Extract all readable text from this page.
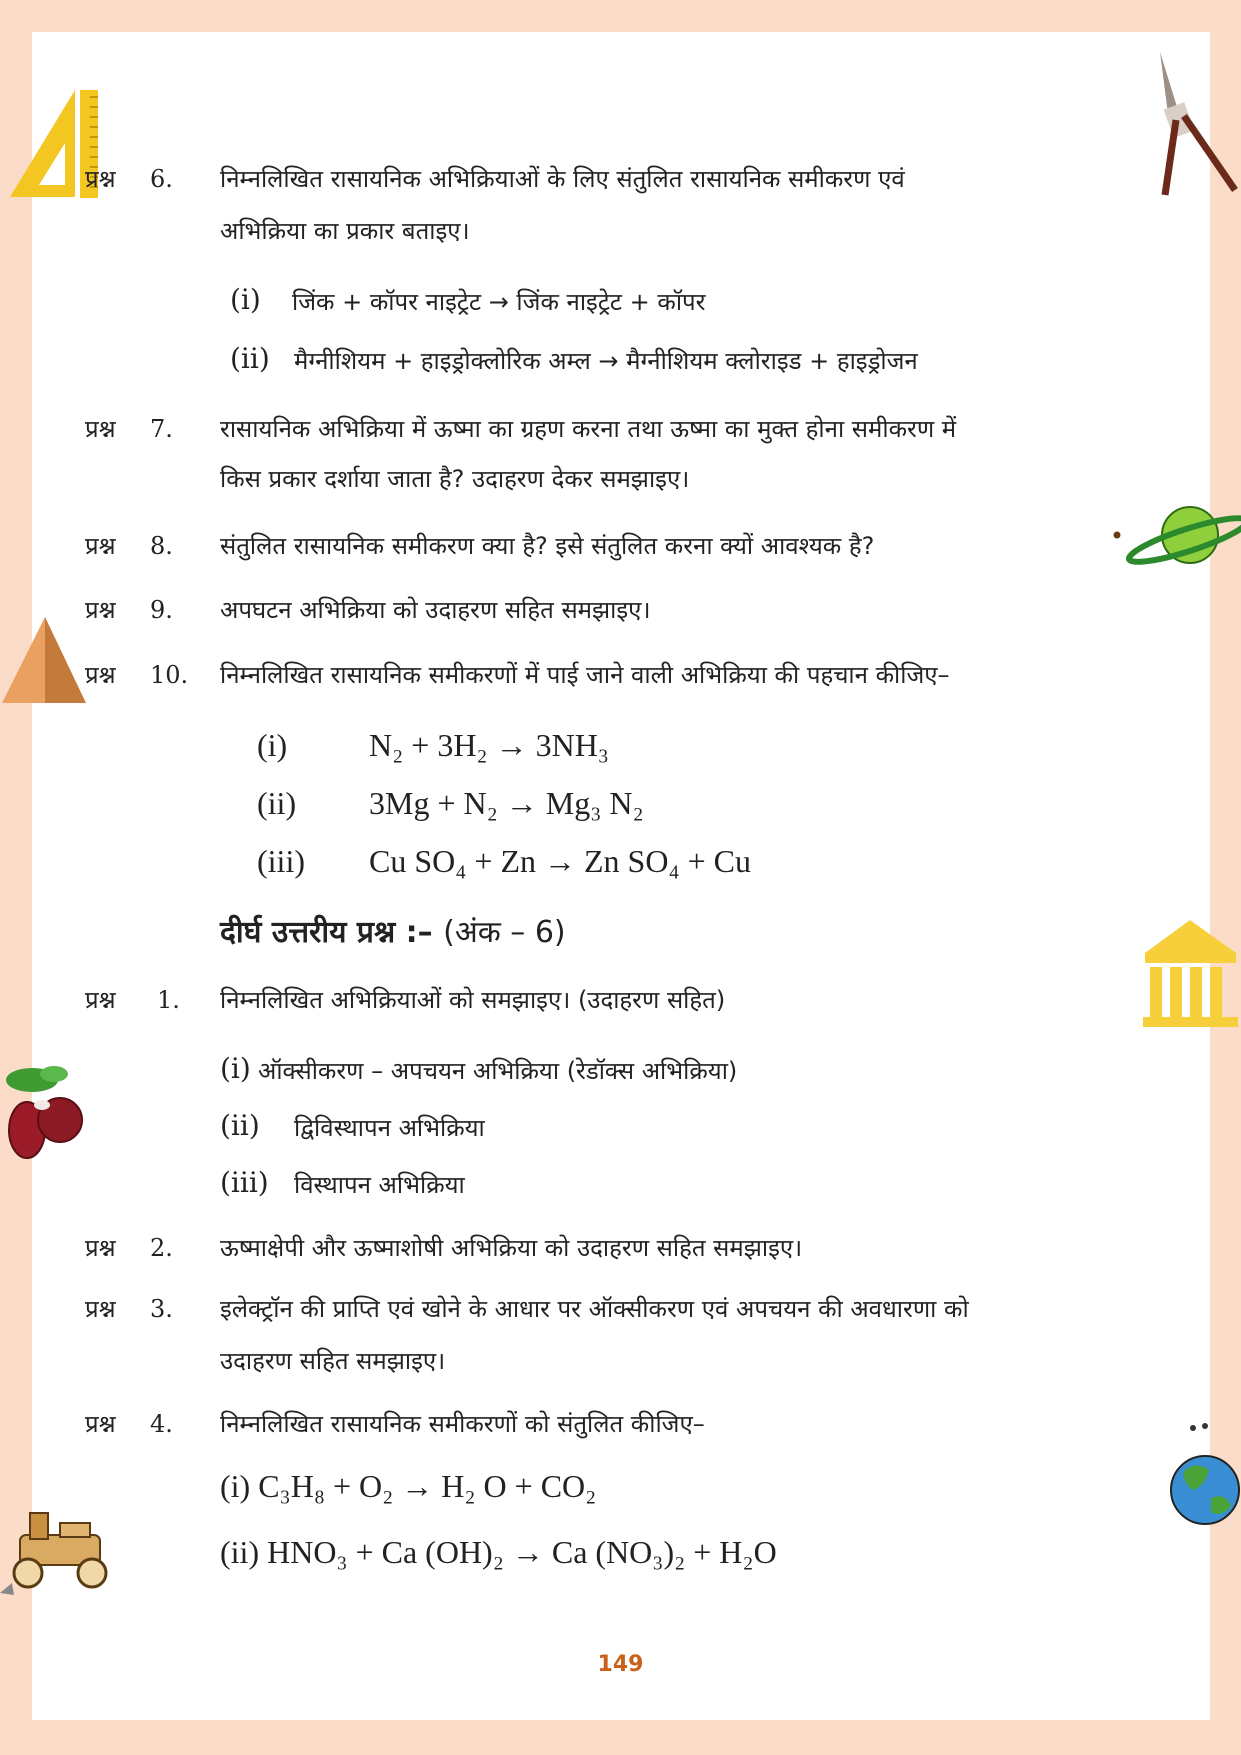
प्रश्न 6. निम्नलिखित रासायनिक अभिक्रियाओं के लिए संतुलित रासायनिक समीकरण एवं
अभिक्रिया का प्रकार बताइए।
(i) जिंक + कॉपर नाइट्रेट → जिंक नाइट्रेट + कॉपर
(ii) मैग्नीशियम + हाइड्रोक्लोरिक अम्ल → मैग्नीशियम क्लोराइड + हाइड्रोजन
प्रश्न 7. रासायनिक अभिक्रिया में ऊष्मा का ग्रहण करना तथा ऊष्मा का मुक्त होना समीकरण में
किस प्रकार दर्शाया जाता है? उदाहरण देकर समझाइए।
प्रश्न 8. संतुलित रासायनिक समीकरण क्या है? इसे संतुलित करना क्यों आवश्यक है?
प्रश्न 9. अपघटन अभिक्रिया को उदाहरण सहित समझाइए।
प्रश्न 10. निम्नलिखित रासायनिक समीकरणों में पाई जाने वाली अभिक्रिया की पहचान कीजिए–
(i)	N₂ + 3H₂ → 3NH₃
(ii) 3Mg + N₂ → Mg₃ N₂
(iii) Cu SO₄ + Zn → Zn SO₄ + Cu
दीर्घ उत्तरीय प्रश्न :– (अंक – 6)
प्रश्न 1. निम्नलिखित अभिक्रियाओं को समझाइए। (उदाहरण सहित)
(i) ऑक्सीकरण – अपचयन अभिक्रिया (रेडॉक्स अभिक्रिया)
(ii) द्विविस्थापन अभिक्रिया
(iii) विस्थापन अभिक्रिया
प्रश्न 2. ऊष्माक्षेपी और ऊष्माशोषी अभिक्रिया को उदाहरण सहित समझाइए।
प्रश्न 3. इलेक्ट्रॉन की प्राप्ति एवं खोने के आधार पर ऑक्सीकरण एवं अपचयन की अवधारणा को
उदाहरण सहित समझाइए।
प्रश्न 4. निम्नलिखित रासायनिक समीकरणों को संतुलित कीजिए–
(i) C₃H₈ + O₂ → H₂ O + CO₂
(ii) HNO₃ + Ca (OH)₂ → Ca (NO₃)₂ + H₂O
149
